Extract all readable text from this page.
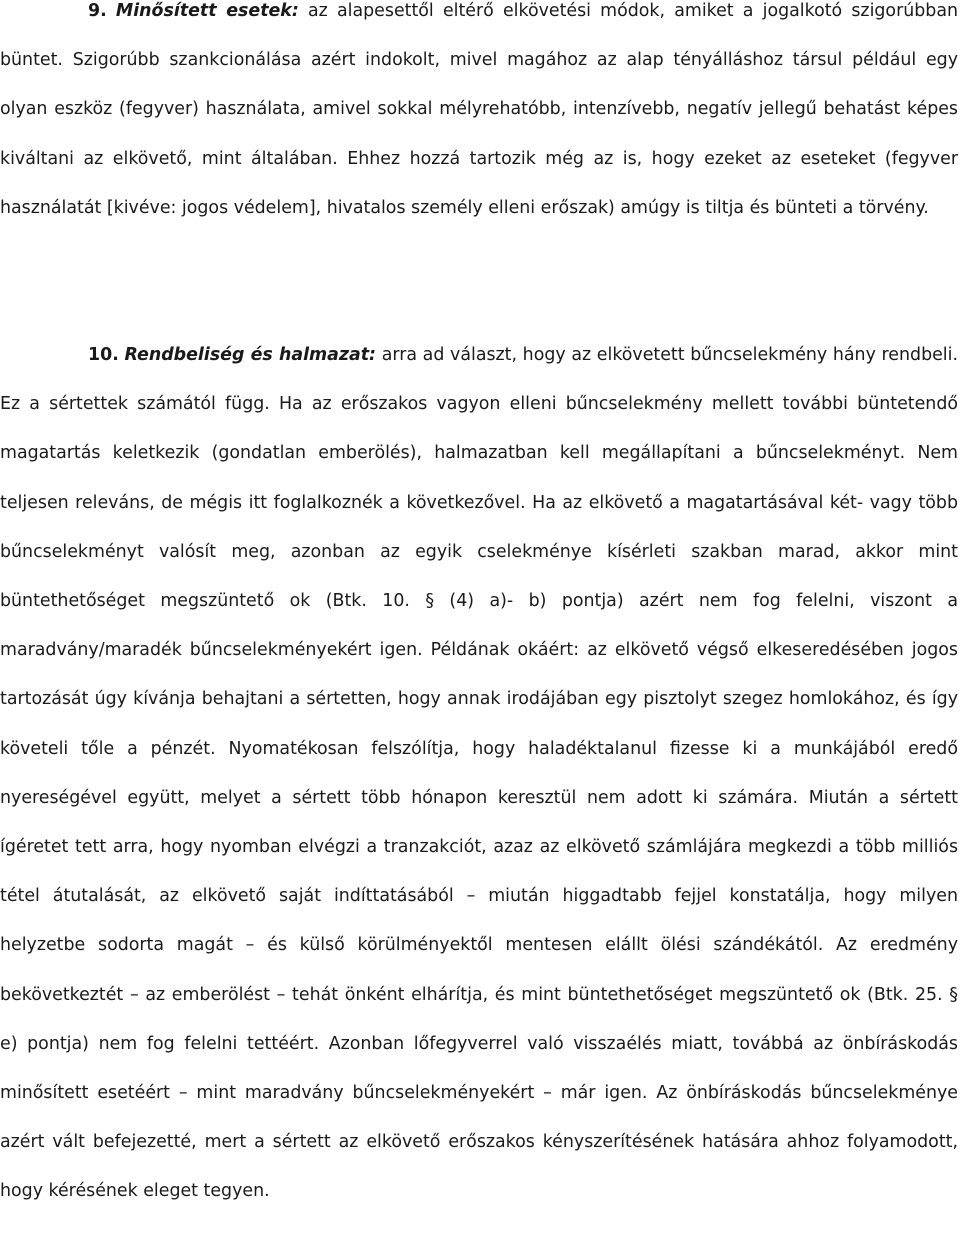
9. Minősített esetek: az alapesettől eltérő elkövetési módok, amiket a jogalkotó szigorúbban büntet. Szigorúbb szankcionálása azért indokolt, mivel magához az alap tényálláshoz társul például egy olyan eszköz (fegyver) használata, amivel sokkal mélyrehatóbb, intenzívebb, negatív jellegű behatást képes kiváltani az elkövető, mint általában. Ehhez hozzá tartozik még az is, hogy ezeket az eseteket (fegyver használatát [kivéve: jogos védelem], hivatalos személy elleni erőszak) amúgy is tiltja és bünteti a törvény.

10. Rendbeliség és halmazat: arra ad választ, hogy az elkövetett bűncselekmény hány rendbeli. Ez a sértettek számától függ. Ha az erőszakos vagyon elleni bűncselekmény mellett további büntetendő magatartás keletkezik (gondatlan emberölés), halmazatban kell megállapítani a bűncselekményt. Nem teljesen releváns, de mégis itt foglalkoznék a következővel. Ha az elkövető a magatartásával két- vagy több bűncselekményt valósít meg, azonban az egyik cselekménye kísérleti szakban marad, akkor mint büntethetőséget megszüntető ok (Btk. 10. § (4) a)- b) pontja) azért nem fog felelni, viszont a maradvány/maradék bűncselekményekért igen. Példának okáért: az elkövető végső elkeseredésében jogos tartozását úgy kívánja behajtani a sértetten, hogy annak irodájában egy pisztolyt szegez homlokához, és így követeli tőle a pénzét. Nyomatékosan felszólítja, hogy haladéktalanul fizesse ki a munkájából eredő nyereségével együtt, melyet a sértett több hónapon keresztül nem adott ki számára. Miután a sértett ígéretet tett arra, hogy nyomban elvégzi a tranzakciót, azaz az elkövető számlájára megkezdi a több milliós tétel átutalását, az elkövető saját indíttatásából – miután higgadtabb fejjel konstatálja, hogy milyen helyzetbe sodorta magát – és külső körülményektől mentesen elállt ölési szándékától. Az eredmény bekövetkeztét – az emberölést – tehát önként elhárítja, és mint büntethetőséget megszüntető ok (Btk. 25. § e) pontja) nem fog felelni tettéért. Azonban lőfegyverrel való visszaélés miatt, továbbá az önbíráskodás minősített esetéért – mint maradvány bűncselekményekért – már igen. Az önbíráskodás bűncselekménye azért vált befejezetté, mert a sértett az elkövető erőszakos kényszerítésének hatására ahhoz folyamodott, hogy kérésének eleget tegyen.
